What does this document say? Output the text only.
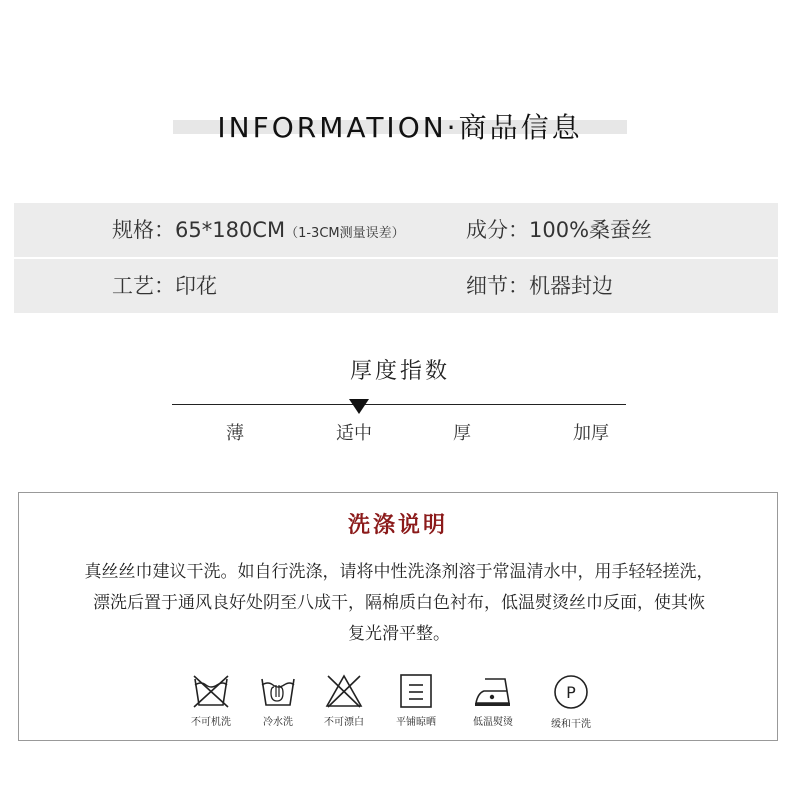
INFORMATION·商品信息
规格：65*180CM（1-3CM测量误差）	成分：100%桑蚕丝
工艺：印花	细节：机器封边
厚度指数
薄	适中	厚	加厚
洗涤说明
真丝丝巾建议干洗。如自行洗涤，请将中性洗涤剂溶于常温清水中，用手轻轻搓洗，
漂洗后置于通风良好处阴至八成干，隔棉质白色衬布，低温熨烫丝巾反面，使其恢
复光滑平整。
不可机洗	冷水洗	不可漂白	平铺晾晒	低温熨烫
P
缓和干洗
